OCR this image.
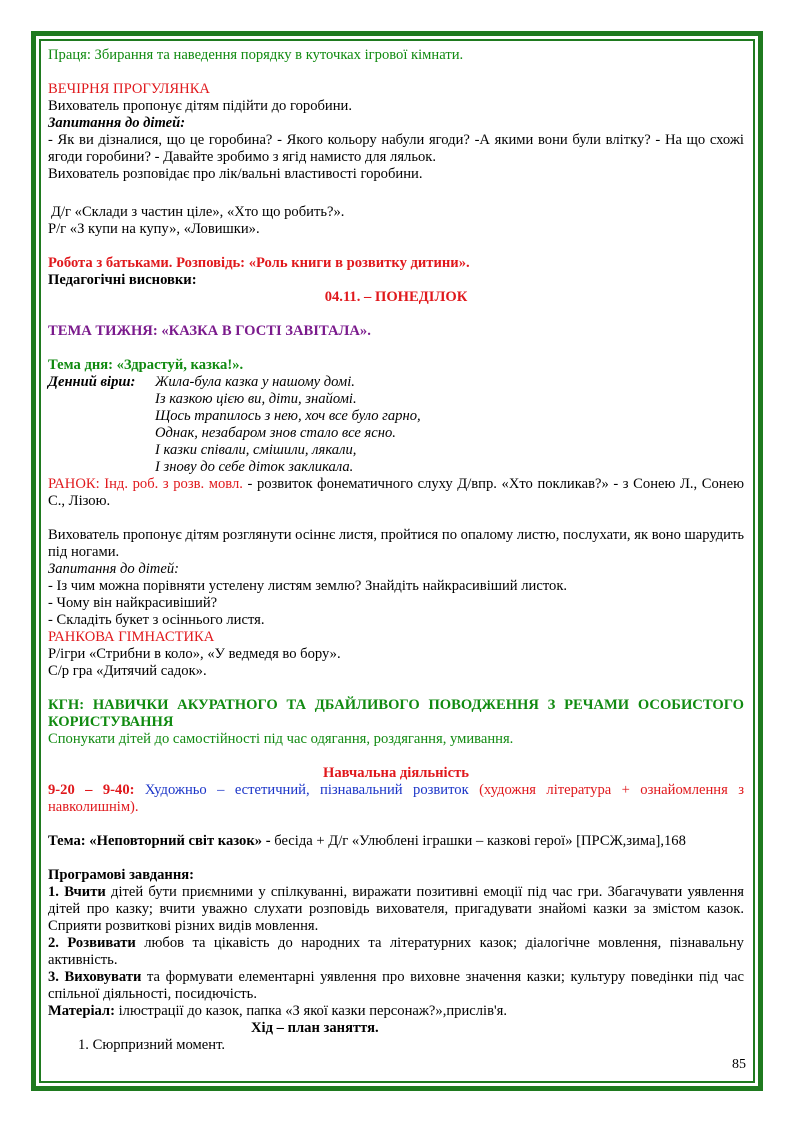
Праця: Збирання та наведення порядку в куточках ігрової кімнати.

ВЕЧІРНЯ ПРОГУЛЯНКА

Вихователь пропонує дітям підійти до горобини.

Запитання до дітей:

- Як ви дізналися, що це горобина? - Якого кольору набули ягоди? -А якими вони були влітку? - На що схожі ягоди горобини? - Давайте зробимо з ягід намисто для ляльок.

Вихователь розповідає про лік/вальні властивості горобини.

Д/г «Склади з частин ціле», «Хто що робить?».

Р/г «З купи на купу», «Ловишки».

Робота з батьками. Розповідь: «Роль книги в розвитку дитини».

Педагогічні висновки:

04.11. – ПОНЕДІЛОК

ТЕМА ТИЖНЯ: «КАЗКА В ГОСТІ ЗАВІТАЛА».

Тема дня: «Здрастуй, казка!».

Денний вірш:	Жила-була казка у нашому домі.
Із казкою цією ви, діти, знайомі.
Щось трапилось з нею, хоч все було гарно,
Однак, незабаром знов стало все ясно.
І казки співали, смішили, лякали,
І знову до себе діток закликала.

РАНОК: Інд. роб. з розв. мовл. - розвиток фонематичного слуху Д/впр. «Хто покликав?» - з Сонею Л., Сонею С., Лізою.

Вихователь пропонує дітям розглянути осіннє листя, пройтися по опалому листю, послухати, як воно шарудить під ногами.

Запитання до дітей:

- Із чим можна порівняти устелену листям землю? Знайдіть найкрасивіший листок.

- Чому він найкрасивіший?

- Складіть букет з осіннього листя.

РАНКОВА ГІМНАСТИКА

Р/ігри «Стрибни в коло», «У ведмедя во бору».

С/р гра «Дитячий садок».

КГН: НАВИЧКИ АКУРАТНОГО ТА ДБАЙЛИВОГО ПОВОДЖЕННЯ З РЕЧАМИ ОСОБИСТОГО КОРИСТУВАННЯ

Спонукати дітей до самостійності під час одягання, роздягання, умивання.

Навчальна діяльність

9-20 – 9-40: Художньо – естетичний, пізнавальний розвиток (художня література + ознайомлення з навколишнім).

Тема: «Неповторний світ казок» - бесіда + Д/г «Улюблені іграшки – казкові герої» [ПРСЖ,зима],168

Програмові завдання:

1. Вчити дітей бути приємними у спілкуванні, виражати позитивні емоції під час гри. Збагачувати уявлення дітей про казку; вчити уважно слухати розповідь вихователя, пригадувати знайомі казки за змістом казок. Сприяти розвиткові різних видів мовлення.

2. Розвивати любов та цікавість до народних та літературних казок; діалогічне мовлення, пізнавальну активність.

3. Виховувати та формувати елементарні уявлення про виховне значення казки; культуру поведінки під час спільної діяльності, посидючість.

Матеріал: ілюстрації до казок, папка «З якої казки персонаж?»,прислів'я.

Хід – план заняття.

1. Сюрпризний момент.

85
